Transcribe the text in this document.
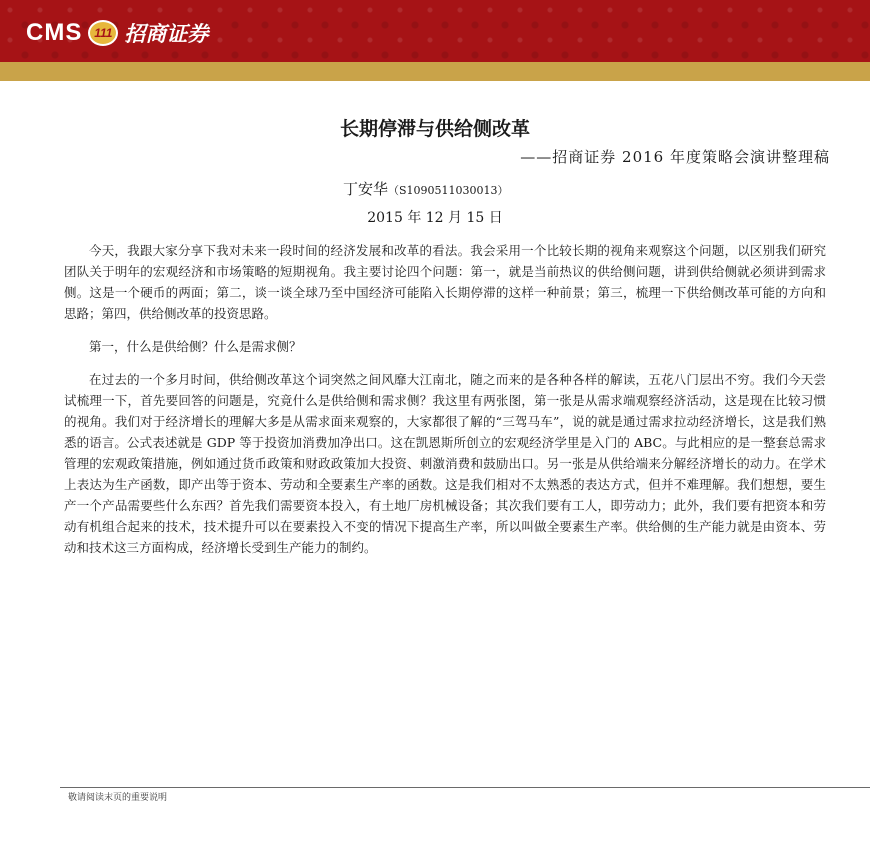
CMS 111 招商证券
长期停滞与供给侧改革

——招商证券 2016 年度策略会演讲整理稿

丁安华（S1090511030013）

2015 年 12 月 15 日

今天，我跟大家分享下我对未来一段时间的经济发展和改革的看法。我会采用一个比较长期的视角来观察这个问题，以区别我们研究团队关于明年的宏观经济和市场策略的短期视角。我主要讨论四个问题：第一，就是当前热议的供给侧问题，讲到供给侧就必须讲到需求侧。这是一个硬币的两面；第二，谈一谈全球乃至中国经济可能陷入长期停滞的这样一种前景；第三，梳理一下供给侧改革可能的方向和思路；第四，供给侧改革的投资思路。

第一，什么是供给侧？什么是需求侧？

在过去的一个多月时间，供给侧改革这个词突然之间风靡大江南北，随之而来的是各种各样的解读，五花八门层出不穷。我们今天尝试梳理一下，首先要回答的问题是，究竟什么是供给侧和需求侧？我这里有两张图，第一张是从需求端观察经济活动，这是现在比较习惯的视角。我们对于经济增长的理解大多是从需求面来观察的，大家都很了解的“三驾马车”，说的就是通过需求拉动经济增长，这是我们熟悉的语言。公式表述就是 GDP 等于投资加消费加净出口。这在凯恩斯所创立的宏观经济学里是入门的 ABC。与此相应的是一整套总需求管理的宏观政策措施，例如通过货币政策和财政政策加大投资、刺激消费和鼓励出口。另一张是从供给端来分解经济增长的动力。在学术上表达为生产函数，即产出等于资本、劳动和全要素生产率的函数。这是我们相对不太熟悉的表达方式，但并不难理解。我们想想，要生产一个产品需要些什么东西？首先我们需要资本投入，有土地厂房机械设备；其次我们要有工人，即劳动力；此外，我们要有把资本和劳动有机组合起来的技术，技术提升可以在要素投入不变的情况下提高生产率，所以叫做全要素生产率。供给侧的生产能力就是由资本、劳动和技术这三方面构成，经济增长受到生产能力的制约。

敬请阅读末页的重要说明
